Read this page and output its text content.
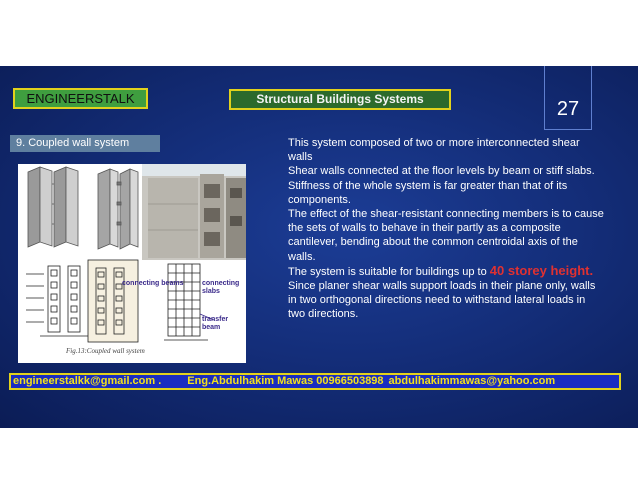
ENGINEERSTALK	Structural Buildings Systems	27
9. Coupled wall system
connecting beams	connecting slabs
transfer beam
Fig.13:Coupled wall system

This system composed of two or more interconnected shear walls

Shear walls connected at the floor levels by beam or stiff slabs.

Stiffness of the whole system is far greater than that of its components.

The effect of the shear-resistant connecting members is to cause the sets of walls to behave in their partly as a composite cantilever, bending about the common centroidal axis of the walls.

The system is suitable for buildings up to 40 storey height.

Since planer shear walls support loads in their plane only, walls in two orthogonal directions need to withstand lateral loads in two directions.

engineerstalkk@gmail.com . Eng.Abdulhakim Mawas 00966503898 abdulhakimmawas@yahoo.com
